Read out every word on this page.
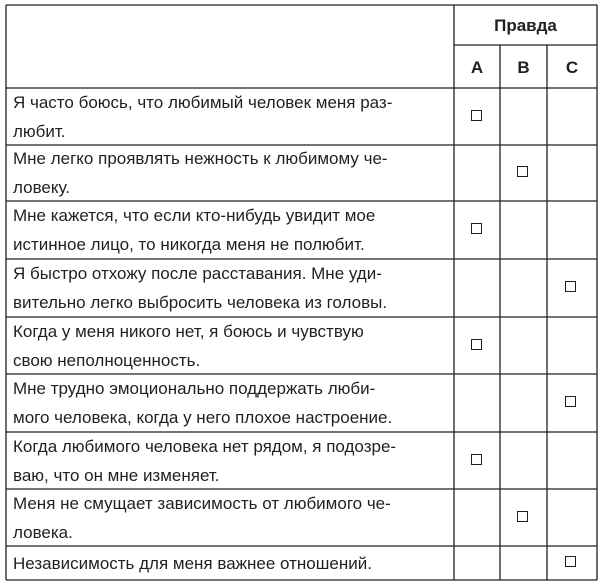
Правда
A	B	C
Я часто боюсь, что любимый человек меня раз-
любит.
Мне легко проявлять нежность к любимому че-
ловеку.
Мне кажется, что если кто-нибудь увидит мое
истинное лицо, то никогда меня не полюбит.
Я быстро отхожу после расставания. Мне уди-
вительно легко выбросить человека из головы.
Когда у меня никого нет, я боюсь и чувствую
свою неполноценность.
Мне трудно эмоционально поддержать люби-
мого человека, когда у него плохое настроение.
Когда любимого человека нет рядом, я подозре-
ваю, что он мне изменяет.
Меня не смущает зависимость от любимого че-
ловека.
Независимость для меня важнее отношений.
